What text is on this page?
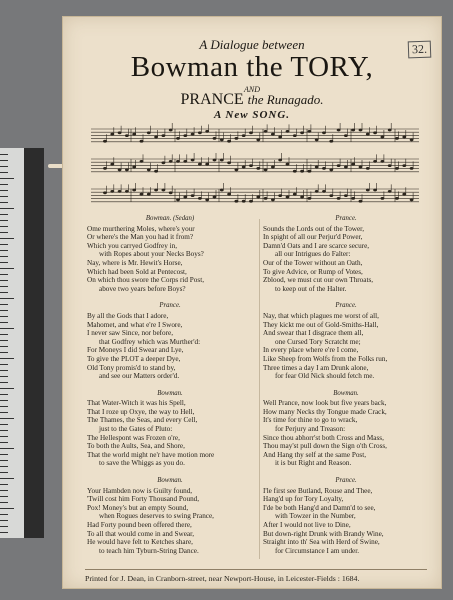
32.
A Dialogue between
Bowman the TORY,
AND
PRANCE the Runagado.
A New SONG.
Bowman. (Sedan)
Ome murthering Moles, where's your
Or where's the Man you had it from?
Which you carryed Godfrey in,
with Ropes about your Necks Boys?
Nay, where is Mr. Hewit's Horse,
Which had been Sold at Pentecost,
On which thou swore the Corps rid Post,
above two years before Boys?
Prance.
By all the Gods that I adore,
Mahomet, and what e're I Swore,
I never saw Since, nor before,
that Godfrey which was Murther'd:
For Moneys I did Swear and Lye,
To give the PLOT a deeper Dye,
Old Tony promis'd to stand by,
and see our Matters order'd.
Bowman.
That Water-Witch it was his Spell,
That I roze up Oxye, the way to Hell,
The Thames, the Seas, and every Cell,
just to the Gates of Pluto:
The Hellespont was Frozen o're,
To both the Aults, Sea, and Shore,
That the world might ne'r have motion more
to save the Whiggs as you do.
Bowman.
Your Hambden now is Guilty found,
'Twill cost him Forty Thousand Pound,
Pox! Money's but an empty Sound,
when Rogues deserves to swing Prance,
Had Forty pound been offered there,
To all that would come in and Swear,
He would have felt to Ketches share,
to teach him Tyburn-String Dance.
Prance.
Sounds the Lords out of the Tower,
In spight of all our Perjur'd Power,
Damn'd Oats and I are scarce secure,
all our Intrigues do Falter:
Our of the Tower without an Oath,
To give Advice, or Rump of Votes,
Zblood, we must cut our own Throats,
to keep out of the Halter.
Prance.
Nay, that which plagues me worst of all,
They kickt me out of Gold-Smiths-Hall,
And swear that I disgrace them all,
one Cursed Tory Scratcht me;
In every place where e're I come,
Like Sheep from Wolfs from the Folks run,
Three times a day I am Drunk alone,
for fear Old Nick should fetch me.
Bowman.
Well Prance, now look but five years back,
How many Necks thy Tongue made Crack,
It's time for thine to go to wrack,
for Perjury and Treason:
Since thou abhorr'st both Cross and Mass,
Thou may'st pull down the Sign o'th Cross,
And Hang thy self at the same Post,
it is but Right and Reason.
Prance.
I'le first see Butland, Rouse and Thee,
Hang'd up for Tory Loyalty,
I'de be both Hang'd and Damn'd to see,
with Towzer in the Number,
After I would not live to Dine,
But down-right Drunk with Brandy Wine,
Straight into th' Sea with Herd of Swine,
for Circumstance I am under.
Printed for J. Dean, in Cranborn-street, near Newport-House, in Leicester-Fields : 1684.
